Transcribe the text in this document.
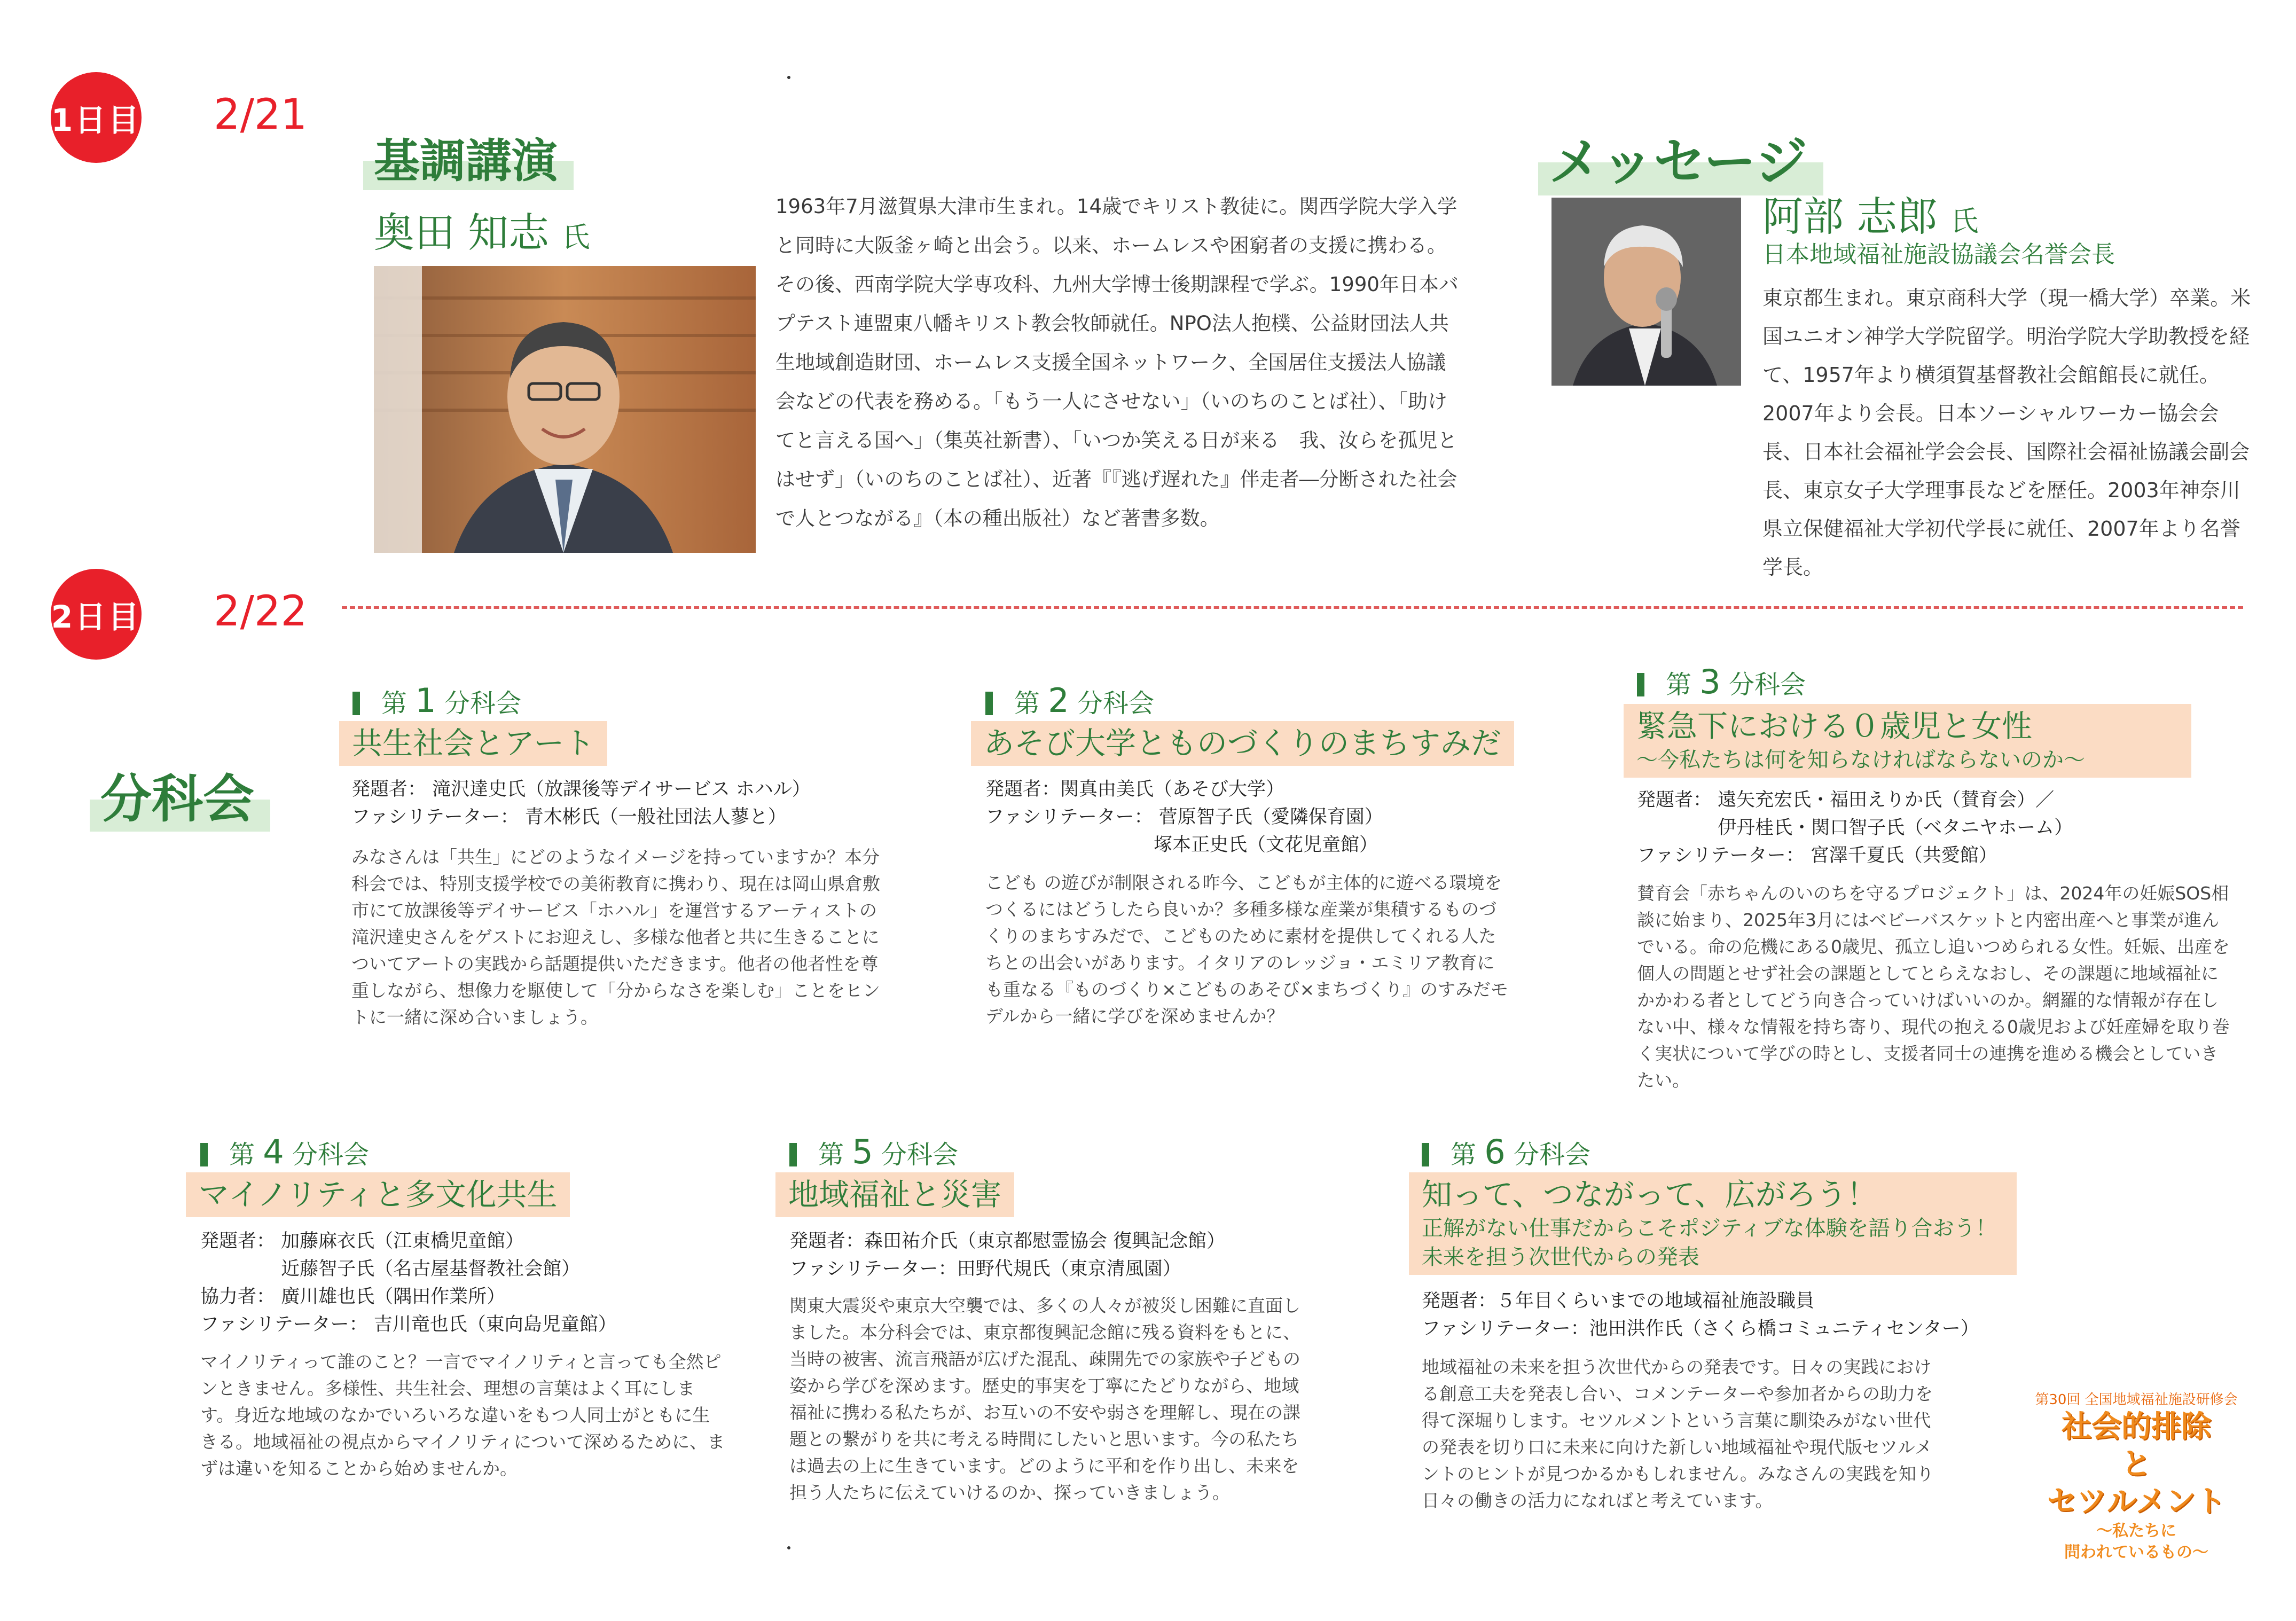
1日目 2/21
基調講演
奥田 知志 氏
1963年7月滋賀県大津市生まれ。14歳でキリスト教徒に。関西学院大学入学と同時に大阪釜ヶ崎と出会う。以来、ホームレスや困窮者の支援に携わる。その後、西南学院大学専攻科、九州大学博士後期課程で学ぶ。1990年日本バプテスト連盟東八幡キリスト教会牧師就任。NPO法人抱樸、公益財団法人共生地域創造財団、ホームレス支援全国ネットワーク、全国居住支援法人協議会などの代表を務める。「もう一人にさせない」（いのちのことば社）、「助けてと言える国へ」（集英社新書）、「いつか笑える日が来る　我、汝らを孤児とはせず」（いのちのことば社）、近著『『逃げ遅れた』伴走者―分断された社会で人とつながる』（本の種出版社）など著書多数。
メッセージ
阿部 志郎 氏
日本地域福祉施設協議会名誉会長
東京都生まれ。東京商科大学（現一橋大学）卒業。米国ユニオン神学大学院留学。明治学院大学助教授を経て、1957年より横須賀基督教社会館館長に就任。2007年より会長。日本ソーシャルワーカー協会会長、日本社会福祉学会会長、国際社会福祉協議会副会長、東京女子大学理事長などを歴任。2003年神奈川県立保健福祉大学初代学長に就任、2007年より名誉学長。
2日目 2/22
分科会
第 1 分科会
共生社会とアート
発題者： 滝沢達史氏（放課後等デイサービス ホハル）
ファシリテーター： 青木彬氏（一般社団法人蓼と）
みなさんは「共生」にどのようなイメージを持っていますか？本分科会では、特別支援学校での美術教育に携わり、現在は岡山県倉敷市にて放課後等デイサービス「ホハル」を運営するアーティストの滝沢達史さんをゲストにお迎えし、多様な他者と共に生きることについてアートの実践から話題提供いただきます。他者の他者性を尊重しながら、想像力を駆使して「分からなさを楽しむ」ことをヒントに一緒に深め合いましょう。
第 2 分科会
あそび大学とものづくりのまちすみだ
発題者：関真由美氏（あそび大学）
ファシリテーター： 菅原智子氏（愛隣保育園）
　　　　　　　　　塚本正史氏（文花児童館）
こども の遊びが制限される昨今、こどもが主体的に遊べる環境をつくるにはどうしたら良いか？多種多様な産業が集積するものづくりのまちすみだで、こどものために素材を提供してくれる人たちとの出会いがあります。イタリアのレッジョ・エミリア教育にも重なる『ものづくり×こどものあそび×まちづくり』のすみだモデルから一緒に学びを深めませんか？
第 3 分科会
緊急下における０歳児と女性
～今私たちは何を知らなければならないのか～
発題者： 遠矢充宏氏・福田えりか氏（賛育会）／
　　　　 伊丹桂氏・関口智子氏（ベタニヤホーム）
ファシリテーター： 宮澤千夏氏（共愛館）
賛育会「赤ちゃんのいのちを守るプロジェクト」は、2024年の妊娠SOS相談に始まり、2025年3月にはベビーバスケットと内密出産へと事業が進んでいる。命の危機にある0歳児、孤立し追いつめられる女性。妊娠、出産を個人の問題とせず社会の課題としてとらえなおし、その課題に地域福祉にかかわる者としてどう向き合っていけばいいのか。網羅的な情報が存在しない中、様々な情報を持ち寄り、現代の抱える0歳児および妊産婦を取り巻く実状について学びの時とし、支援者同士の連携を進める機会としていきたい。
第 4 分科会
マイノリティと多文化共生
発題者： 加藤麻衣氏（江東橋児童館）
　　　　 近藤智子氏（名古屋基督教社会館）
協力者： 廣川雄也氏（隅田作業所）
ファシリテーター： 吉川竜也氏（東向島児童館）
マイノリティって誰のこと？一言でマイノリティと言っても全然ピンときません。多様性、共生社会、理想の言葉はよく耳にします。身近な地域のなかでいろいろな違いをもつ人同士がともに生きる。地域福祉の視点からマイノリティについて深めるために、まずは違いを知ることから始めませんか。
第 5 分科会
地域福祉と災害
発題者：森田祐介氏（東京都慰霊協会 復興記念館）
ファシリテーター：田野代規氏（東京清風園）
関東大震災や東京大空襲では、多くの人々が被災し困難に直面しました。本分科会では、東京都復興記念館に残る資料をもとに、当時の被害、流言飛語が広げた混乱、疎開先での家族や子どもの姿から学びを深めます。歴史的事実を丁寧にたどりながら、地域福祉に携わる私たちが、お互いの不安や弱さを理解し、現在の課題との繋がりを共に考える時間にしたいと思います。今の私たちは過去の上に生きています。どのように平和を作り出し、未来を担う人たちに伝えていけるのか、探っていきましょう。
第 6 分科会
知って、つながって、広がろう！
正解がない仕事だからこそポジティブな体験を語り合おう！
未来を担う次世代からの発表
発題者：５年目くらいまでの地域福祉施設職員
ファシリテーター：池田洪作氏（さくら橋コミュニティセンター）
地域福祉の未来を担う次世代からの発表です。日々の実践における創意工夫を発表し合い、コメンテーターや参加者からの助力を得て深堀りします。セツルメントという言葉に馴染みがない世代の発表を切り口に未来に向けた新しい地域福祉や現代版セツルメントのヒントが見つかるかもしれません。みなさんの実践を知り日々の働きの活力になればと考えています。
第30回 全国地域福祉施設研修会
社会的排除
と
セツルメント
～私たちに
問われているもの～
